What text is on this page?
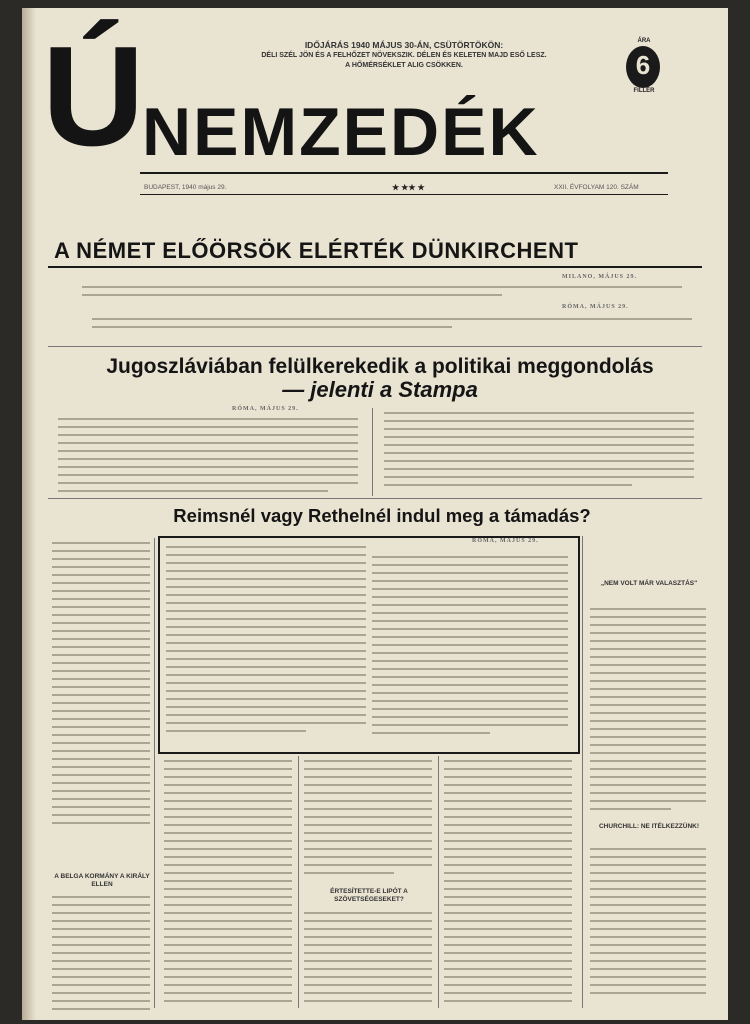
Ú NEMZEDÉK
IDŐJÁRÁS 1940 MÁJUS 30-ÁN, CSÜTÖRTÖKÖN:
DÉLI SZÉL JÖN ÉS A FELHŐZET NÖVEKSZIK. DÉLEN ÉS KELETEN MAJD ESŐ LESZ.
A HŐMÉRSÉKLET ALIG CSÖKKEN.
ÁRA
6
FILLÉR
BUDAPEST, 1940 május 29.	★ ★★ ★	XXII. ÉVFOLYAM 120. SZÁM
A NÉMET ELŐÖRSÖK ELÉRTÉK DÜNKIRCHENT
MILANO, MÁJUS 29.
RÓMA, MÁJUS 29.
Jugoszláviában felülkerekedik a politikai meggondolás
— jelenti a Stampa
RÓMA, MÁJUS 29.
Reimsnél vagy Rethelnél indul meg a támadás?
RÓMA, MÁJUS 29.
A BELGA KORMÁNY A KIRÁLY ELLEN
ÉRTESÍTETTE-E LIPÓT A SZÖVETSÉGESEKET?
„NEM VOLT MÁR VALASZTÁS"
CHURCHILL: NE ITÉLKEZZÜNK!
